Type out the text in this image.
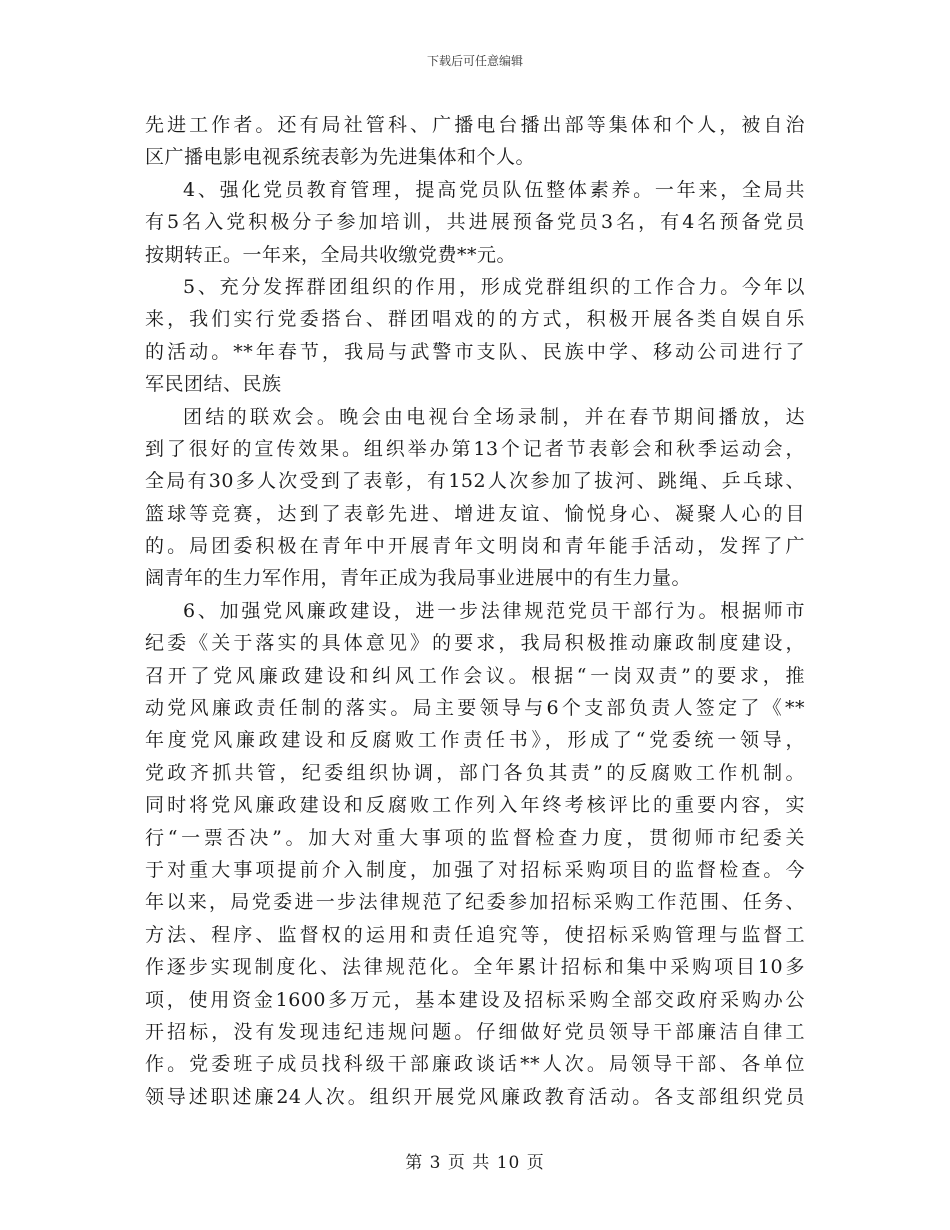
下载后可任意编辑
先进工作者。还有局社管科、广播电台播出部等集体和个人，被自治
区广播电影电视系统表彰为先进集体和个人。
4、强化党员教育管理，提高党员队伍整体素养。一年来，全局共
有5名入党积极分子参加培训，共进展预备党员3名，有4名预备党员
按期转正。一年来，全局共收缴党费**元。
5、充分发挥群团组织的作用，形成党群组织的工作合力。今年以
来，我们实行党委搭台、群团唱戏的的方式，积极开展各类自娱自乐
的活动。**年春节，我局与武警市支队、民族中学、移动公司进行了
军民团结、民族
团结的联欢会。晚会由电视台全场录制，并在春节期间播放，达
到了很好的宣传效果。组织举办第13个记者节表彰会和秋季运动会，
全局有30多人次受到了表彰，有152人次参加了拔河、跳绳、乒乓球、
篮球等竞赛，达到了表彰先进、增进友谊、愉悦身心、凝聚人心的目
的。局团委积极在青年中开展青年文明岗和青年能手活动，发挥了广
阔青年的生力军作用，青年正成为我局事业进展中的有生力量。
6、加强党风廉政建设，进一步法律规范党员干部行为。根据师市
纪委《关于落实的具体意见》的要求，我局积极推动廉政制度建设，
召开了党风廉政建设和纠风工作会议。根据“一岗双责”的要求，推
动党风廉政责任制的落实。局主要领导与6个支部负责人签定了《**
年度党风廉政建设和反腐败工作责任书》，形成了“党委统一领导，
党政齐抓共管，纪委组织协调，部门各负其责”的反腐败工作机制。
同时将党风廉政建设和反腐败工作列入年终考核评比的重要内容，实
行“一票否决”。加大对重大事项的监督检查力度，贯彻师市纪委关
于对重大事项提前介入制度，加强了对招标采购项目的监督检查。今
年以来，局党委进一步法律规范了纪委参加招标采购工作范围、任务、
方法、程序、监督权的运用和责任追究等，使招标采购管理与监督工
作逐步实现制度化、法律规范化。全年累计招标和集中采购项目10多
项，使用资金1600多万元，基本建设及招标采购全部交政府采购办公
开招标，没有发现违纪违规问题。仔细做好党员领导干部廉洁自律工
作。党委班子成员找科级干部廉政谈话**人次。局领导干部、各单位
领导述职述廉24人次。组织开展党风廉政教育活动。各支部组织党员
第 3 页 共 10 页
